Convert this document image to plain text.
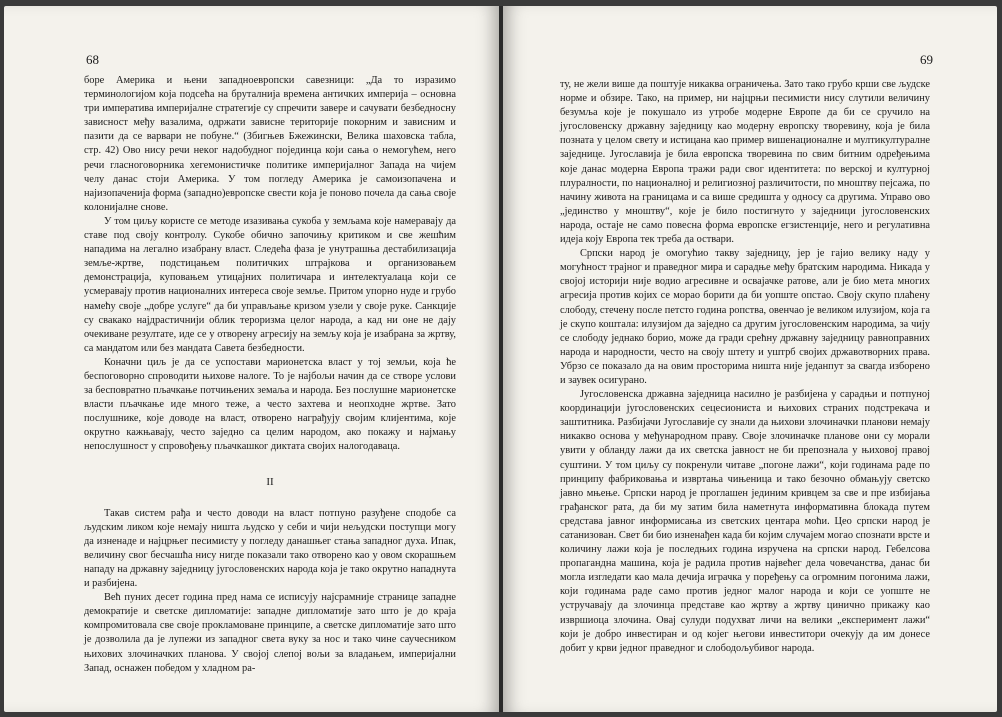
68

боре Америка и њени западноевропски савезници: „Да то изразимо терминологијом која подсећа на бруталнија времена античких империја – основна три императива империјалне стратегије су спречити заверe и сачувати безбедносну зависност међу вазалима, одржати зависне територије покорним и зависним и пазити да се варвари не побуне.“ (Збигњев Бжежински, Велика шаховска табла, стр. 42) Ово нису речи некoг надобудног појединца који сања о немогућем, него речи гласноговорника хегемонистичке политике империјалног Запада на чијем челу данас стоји Америка. У том погледу Америка је самоизопачена и најизопаченија форма (западно)европске свести која је поново почела да сања своје колонијалне снове.

У том циљу користе се методе изазивања сукоба у земљама које намеравају да ставе под своју контролу. Сукобе обично започињу критиком и све жешћим нападима на легално изабрану власт. Следећа фаза је унутрашња дестабилизација земље-жртве, подстицањем политичких штрајкова и организовањем демонстрација, куповањем утицајних политичара и интелектуалаца који се усмеравају против националних интереса своје земље. Притом упорно нуде и грубо намећу своје „добре услуге“ да би управљање кризом узели у своје руке. Санкције су свакако најдрастичнији облик тероризма целог народа, а кад ни оне не дају очекиване резултате, иде се у отворену агресију на земљу која је изабрана за жртву, са мандатом или без мандата Савета безбедности.

Коначни циљ је да се успостави марионетска власт у тој земљи, која ће беспоговорно спроводити њихове налоге. То је најбољи начин да се створе услови за бесповратно пљачкање потчињених земаља и народа. Без послушне марионетске власти пљачкање иде много теже, а често захтева и неопходне жртве. Зато послушнике, које доводе на власт, отворено награђују својим клијентима, које окрутно кажњавају, често заједно са целим народом, ако покажу и најмању непослушност у спровођењу пљачкашког диктата својих налогодаваца.

II

Такав систем рађа и често доводи на власт потпуно разуђене сподобе са људским ликом које немају ништа људско у себи и чији нељудски поступци могу да изненаде и најцрњег песимисту у погледу данашњег стања западног духа. Ипак, величину свог бесчашћа нису нигде показали тако отворено као у овом скорашњем нападу на државну заједницу југословенских народа која је тако окрутно нападнута и разбијена.

Већ пуних десет година пред нама се исписују најсрамније странице западне демократије и светске дипломатије: западне дипломатије зато што је до краја компромитовала све своје прокламоване принципе, а светске дипломатије зато што је дозволила да је лупежи из западног света вуку за нос и тако чине саучесником њихових злочиначких планова. У својој слепој вољи за владањем, империјални Запад, оснажен победом у хладном ра-

69

ту, не жели више да поштује никаква ограничења. Зато тако грубо крши све људске норме и обзире. Тако, на пример, ни најцрњи песимисти нису слутили величину безумља које је покушало из утробе модерне Европе да би се сручило на југословенску државну заједницу као модерну европску творевину, која је била позната у целом свету и истицана као пример вишенационалне и мултикултуралне заједнице. Југославија је била европска творевина по свим битним одређењима које данас модерна Европа тражи ради свог идентитета: по верској и културној плуралности, по националној и религиозној различитости, по мноштву пејсажа, по начину живота на границама и са више средишта у односу са другима. Управо ово „јединство у мноштву“, које је било постигнуто у заједници југословенских народа, остаје не само повесна форма европске егзистенције, него и регулативна идеја коју Европа тек треба да оствари.

Српски народ је омогућио такву заједницу, јер је гајио велику наду у могућност трајног и праведног мира и сарадње међу братским народима. Никада у својој историји није водио агресивне и освајачке ратове, али је био мета многих агресија против којих се морао борити да би уопште опстао. Своју скупо плаћену слободу, стечену после петсто година ропства, овенчао је великом илузијом, која га је скупо коштала: илузијом да заједно са другим југословенским народима, за чију се слободу једнако борио, може да гради срећну државну заједницу равноправних народа и народности, често на своју штету и уштрб својих државотворних права. Убрзо се показало да на овим просторима ништа није једанпут за свагда изборено и заувек осигурано.

Југословенска државна заједница насилно је разбијена у сарадњи и потпуној координацији југословенских сецесиониста и њихових страних подстрекача и заштитника. Разбијачи Југославије су знали да њихови злочиначки планови немају никакво основа у међународном праву. Своје злочиначке планове они су морали увити у обланду лажи да их светска јавност не би препознала у њиховој правој суштини. У том циљу су покренули читаве „погоне лажи“, који годинама раде по принципу фабриковања и извртања чињеница и тако безочно обмањују светско јавно мњење. Српски народ је проглашен јединим кривцем за све и пре избијања грађанског рата, да би му затим била наметнута информативна блокада путем средстава јавног информисања из светских центара моћи. Цео српски народ је сатанизован. Свет би био изненађен када би којим случајем могао спознати врсте и количину лажи која је последњих година изручена на српски народ. Гебелсова пропагандна машина, која је радила против највећег дела човечанства, данас би могла изгледати као мала дечија играчка у поређењу са огромним погонима лажи, који годинама раде само против једног малог народа и који се уопште не устручавају да злочинца представе као жртву а жртву цинично прикажу као извршиоца злочина. Овај сулуди подухват личи на велики „експеримент лажи“ који је добро инвестиран и од којег његови инвеститори очекују да им донесе добит у крви једног праведног и слободољубивог народа.
